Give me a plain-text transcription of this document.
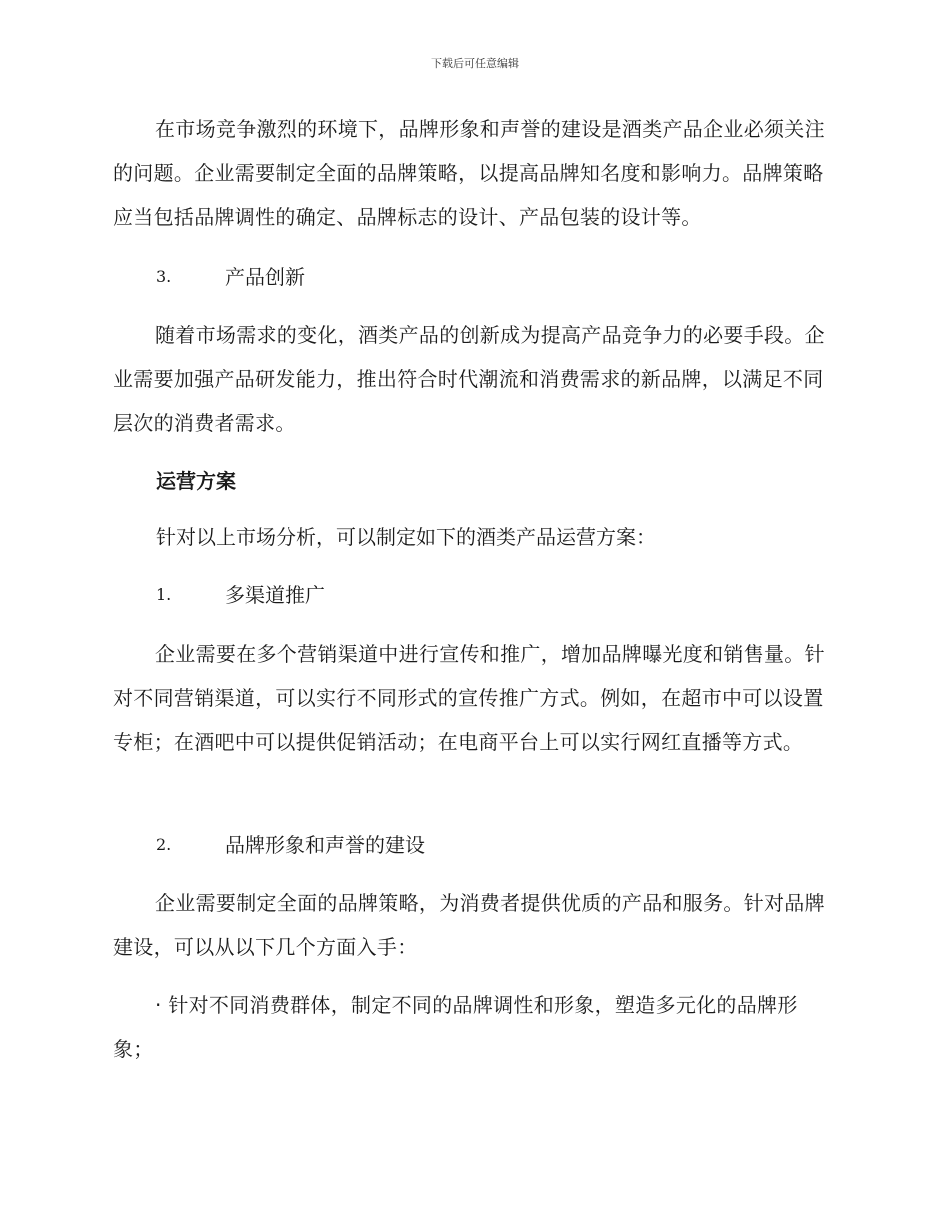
下载后可任意编辑

在市场竞争激烈的环境下，品牌形象和声誉的建设是酒类产品企业必须关注的问题。企业需要制定全面的品牌策略，以提高品牌知名度和影响力。品牌策略应当包括品牌调性的确定、品牌标志的设计、产品包装的设计等。

3.	产品创新

随着市场需求的变化，酒类产品的创新成为提高产品竞争力的必要手段。企业需要加强产品研发能力，推出符合时代潮流和消费需求的新品牌，以满足不同层次的消费者需求。

运营方案
针对以上市场分析，可以制定如下的酒类产品运营方案：
1.	多渠道推广

企业需要在多个营销渠道中进行宣传和推广，增加品牌曝光度和销售量。针对不同营销渠道，可以实行不同形式的宣传推广方式。例如，在超市中可以设置专柜；在酒吧中可以提供促销活动；在电商平台上可以实行网红直播等方式。

2.	品牌形象和声誉的建设

企业需要制定全面的品牌策略，为消费者提供优质的产品和服务。针对品牌建设，可以从以下几个方面入手：

· 针对不同消费群体，制定不同的品牌调性和形象，塑造多元化的品牌形象；
